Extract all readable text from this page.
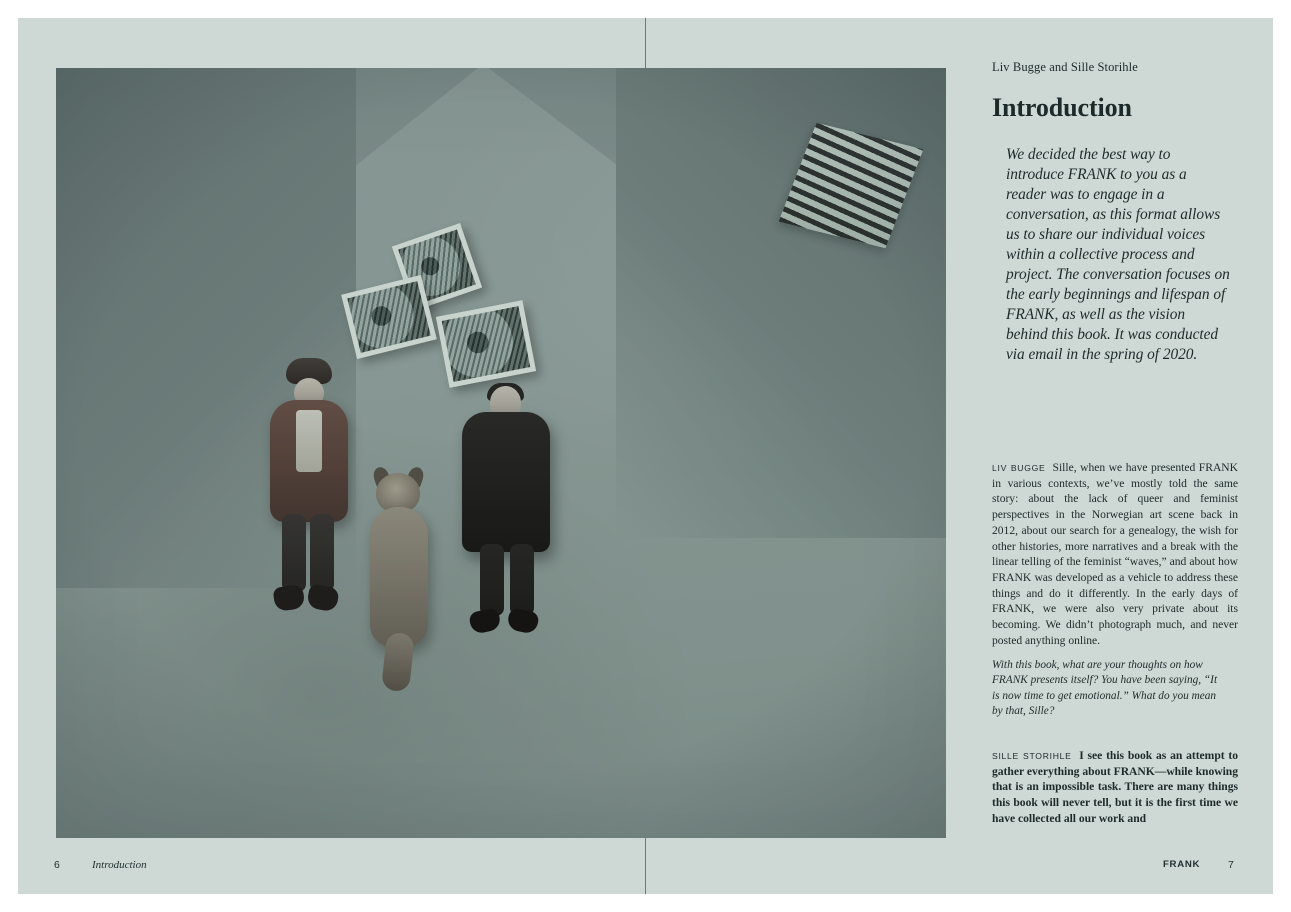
Liv Bugge and Sille Storihle

Introduction

We decided the best way to introduce FRANK to you as a reader was to engage in a conversation, as this format allows us to share our individual voices within a collective process and project. The conversation focuses on the early beginnings and lifespan of FRANK, as well as the vision behind this book. It was conducted via email in the spring of 2020.

LIV BUGGE Sille, when we have presented FRANK in various contexts, we’ve mostly told the same story: about the lack of queer and feminist perspectives in the Norwegian art scene back in 2012, about our search for a genealogy, the wish for other histories, more narratives and a break with the linear telling of the feminist “waves,” and about how FRANK was developed as a vehicle to address these things and do it differently. In the early days of FRANK, we were also very private about its becoming. We didn’t photograph much, and never posted anything online.

With this book, what are your thoughts on how FRANK presents itself? You have been saying, “It is now time to get emotional.” What do you mean by that, Sille?

SILLE STORIHLE I see this book as an attempt to gather everything about FRANK—while knowing that is an impossible task. There are many things this book will never tell, but it is the first time we have collected all our work and

6	Introduction	FRANK	7
